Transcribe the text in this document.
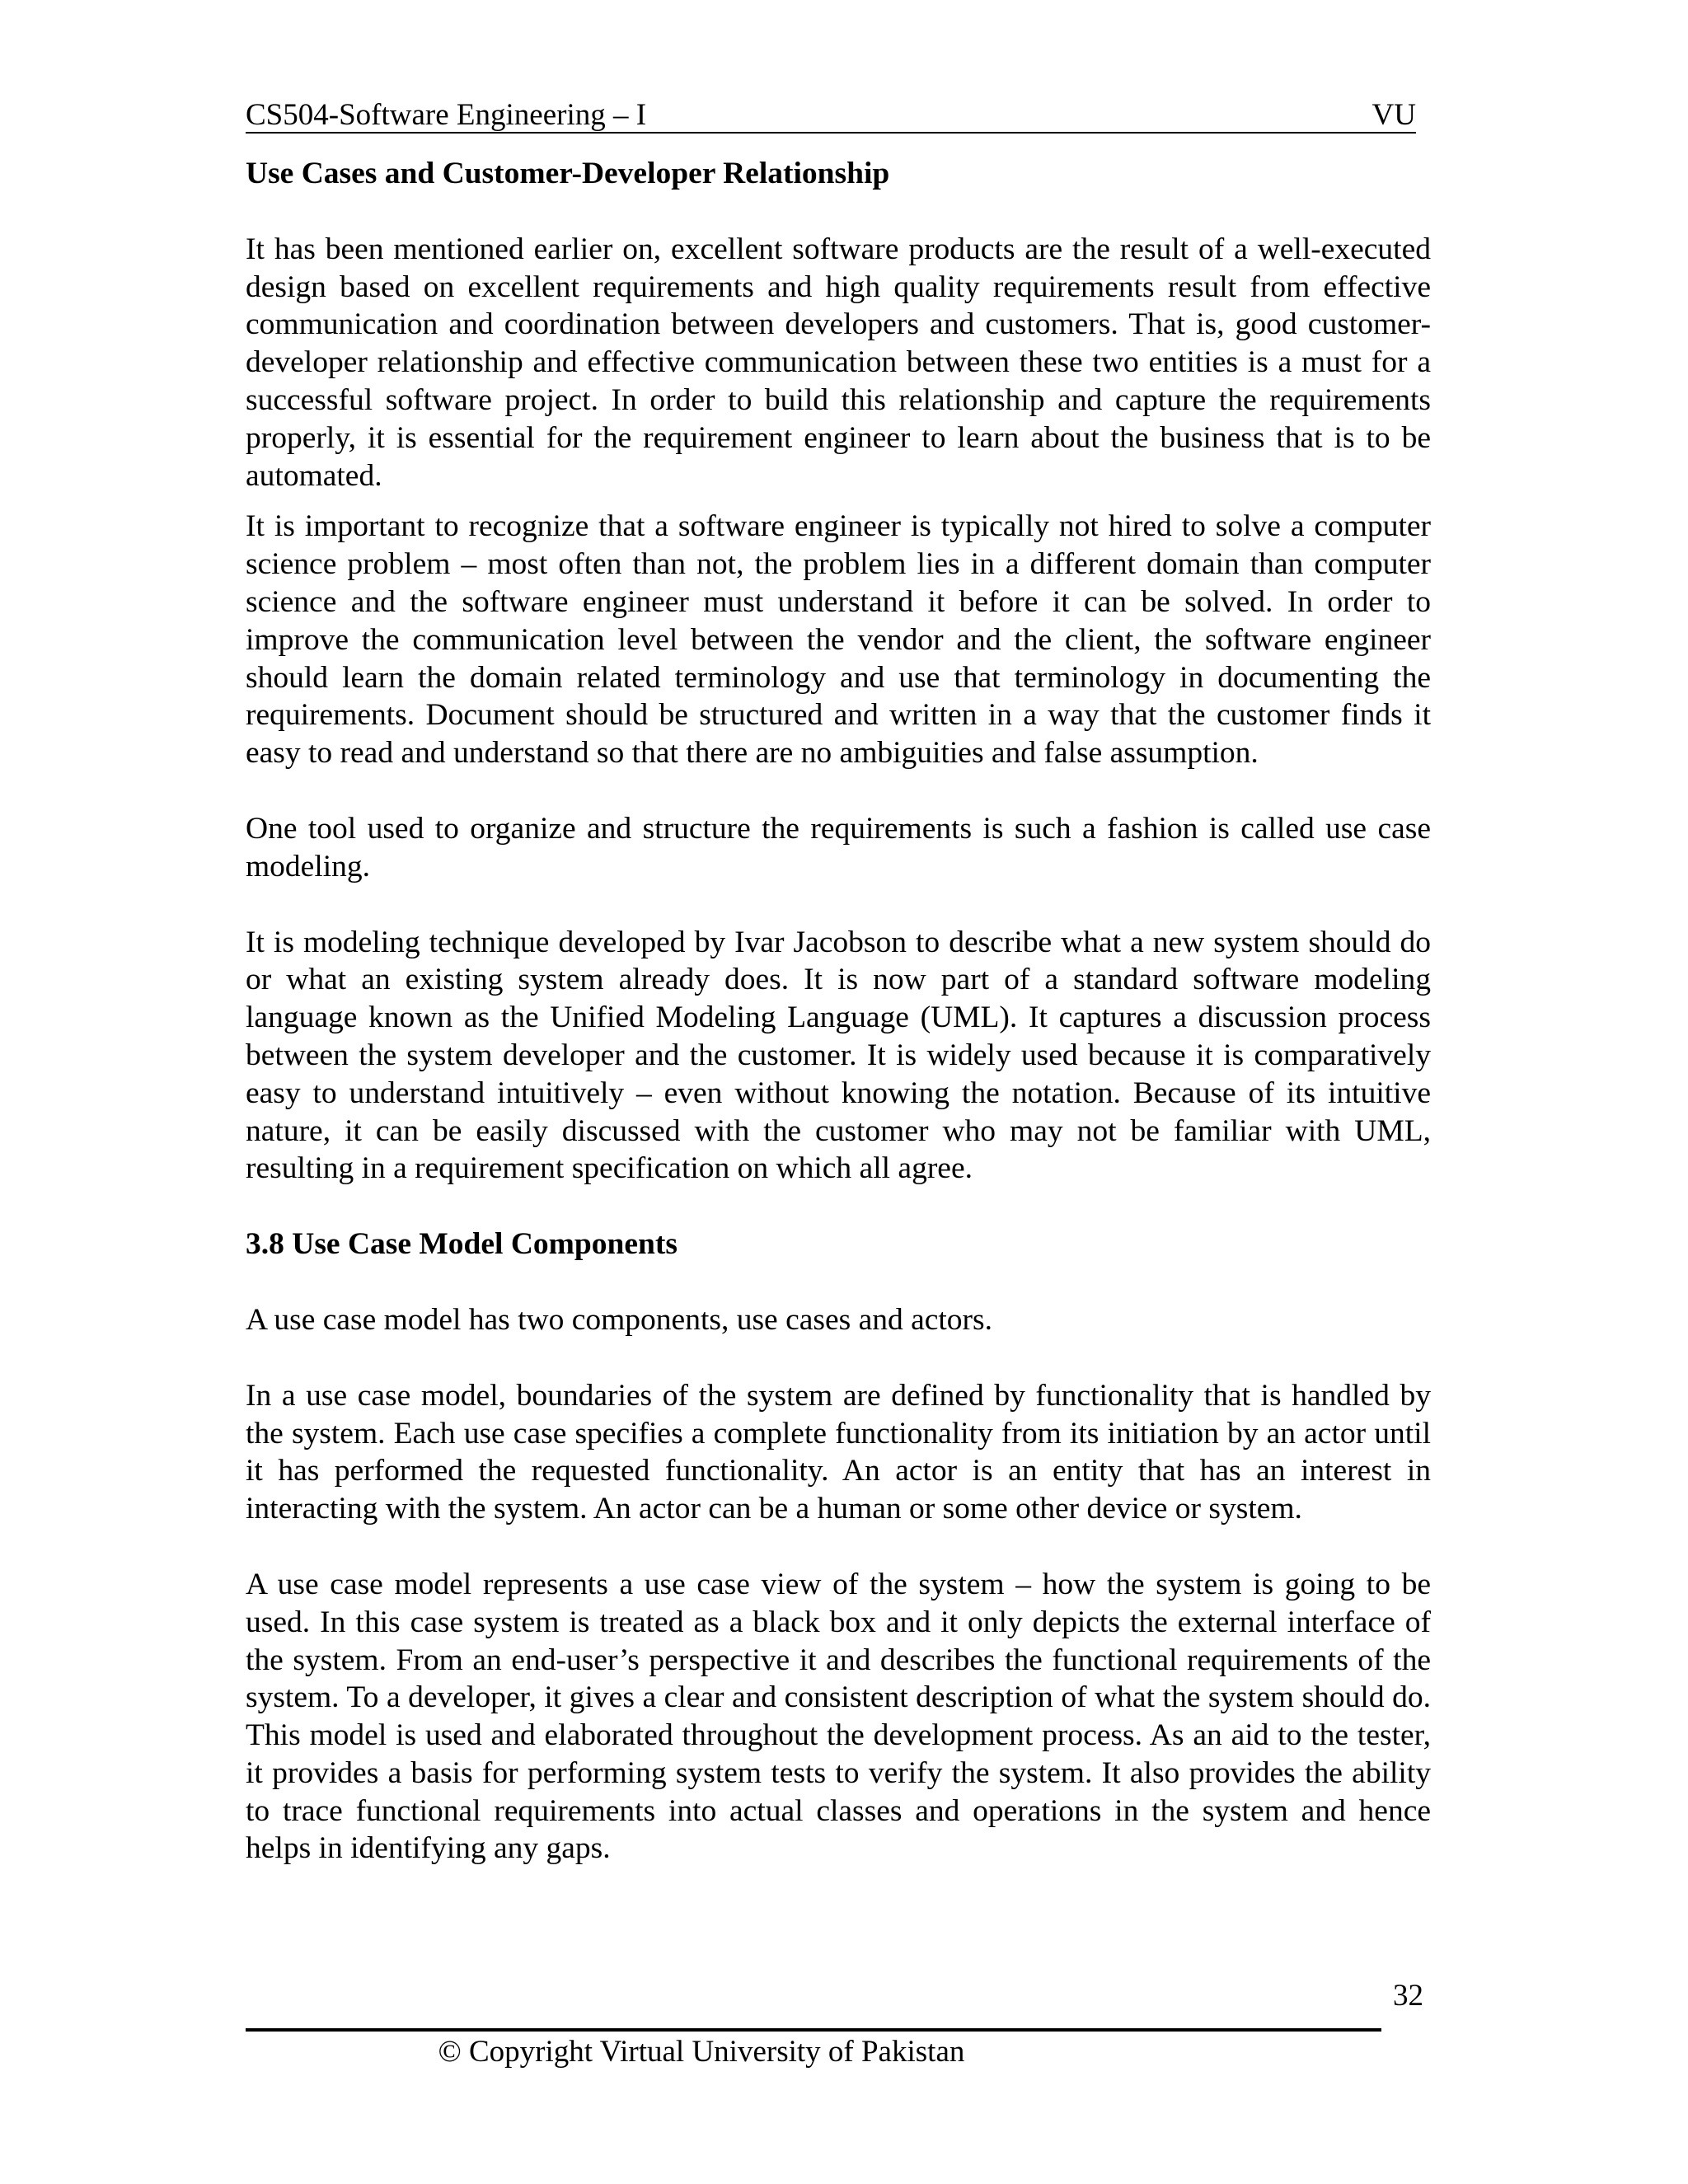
CS504-Software Engineering – I	VU
Use Cases and Customer-Developer Relationship

It has been mentioned earlier on, excellent software products are the result of a well-executed design based on excellent requirements and high quality requirements result from effective communication and coordination between developers and customers. That is, good customer-developer relationship and effective communication between these two entities is a must for a successful software project. In order to build this relationship and capture the requirements properly, it is essential for the requirement engineer to learn about the business that is to be automated.

It is important to recognize that a software engineer is typically not hired to solve a computer science problem – most often than not, the problem lies in a different domain than computer science and the software engineer must understand it before it can be solved. In order to improve the communication level between the vendor and the client, the software engineer should learn the domain related terminology and use that terminology in documenting the requirements. Document should be structured and written in a way that the customer finds it easy to read and understand so that there are no ambiguities and false assumption.

One tool used to organize and structure the requirements is such a fashion is called use case modeling.

It is modeling technique developed by Ivar Jacobson to describe what a new system should do or what an existing system already does. It is now part of a standard software modeling language known as the Unified Modeling Language (UML). It captures a discussion process between the system developer and the customer. It is widely used because it is comparatively easy to understand intuitively – even without knowing the notation. Because of its intuitive nature, it can be easily discussed with the customer who may not be familiar with UML, resulting in a requirement specification on which all agree.

3.8 Use Case Model Components

A use case model has two components, use cases and actors.

In a use case model, boundaries of the system are defined by functionality that is handled by the system. Each use case specifies a complete functionality from its initiation by an actor until it has performed the requested functionality. An actor is an entity that has an interest in interacting with the system. An actor can be a human or some other device or system.

A use case model represents a use case view of the system – how the system is going to be used. In this case system is treated as a black box and it only depicts the external interface of the system. From an end-user’s perspective it and describes the functional requirements of the system. To a developer, it gives a clear and consistent description of what the system should do. This model is used and elaborated throughout the development process. As an aid to the tester, it provides a basis for performing system tests to verify the system. It also provides the ability to trace functional requirements into actual classes and operations in the system and hence helps in identifying any gaps.

32
© Copyright Virtual University of Pakistan
